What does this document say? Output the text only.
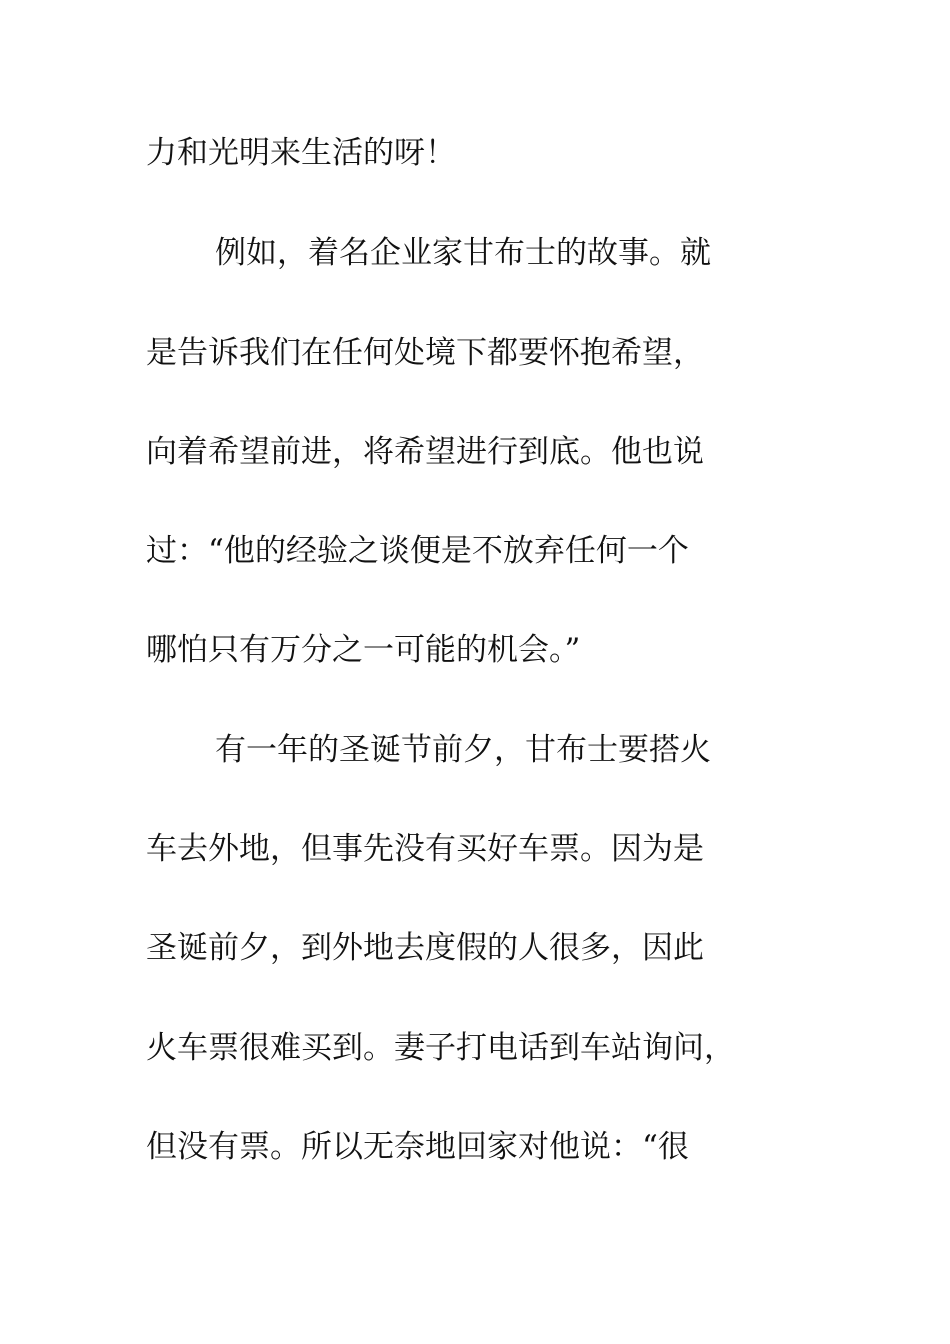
力和光明来生活的呀！
例如，着名企业家甘布士的故事。就
是告诉我们在任何处境下都要怀抱希望，
向着希望前进，将希望进行到底。他也说
过：“他的经验之谈便是不放弃任何一个
哪怕只有万分之一可能的机会。”
有一年的圣诞节前夕，甘布士要搭火
车去外地，但事先没有买好车票。因为是
圣诞前夕，到外地去度假的人很多，因此
火车票很难买到。妻子打电话到车站询问，
但没有票。所以无奈地回家对他说：“很
